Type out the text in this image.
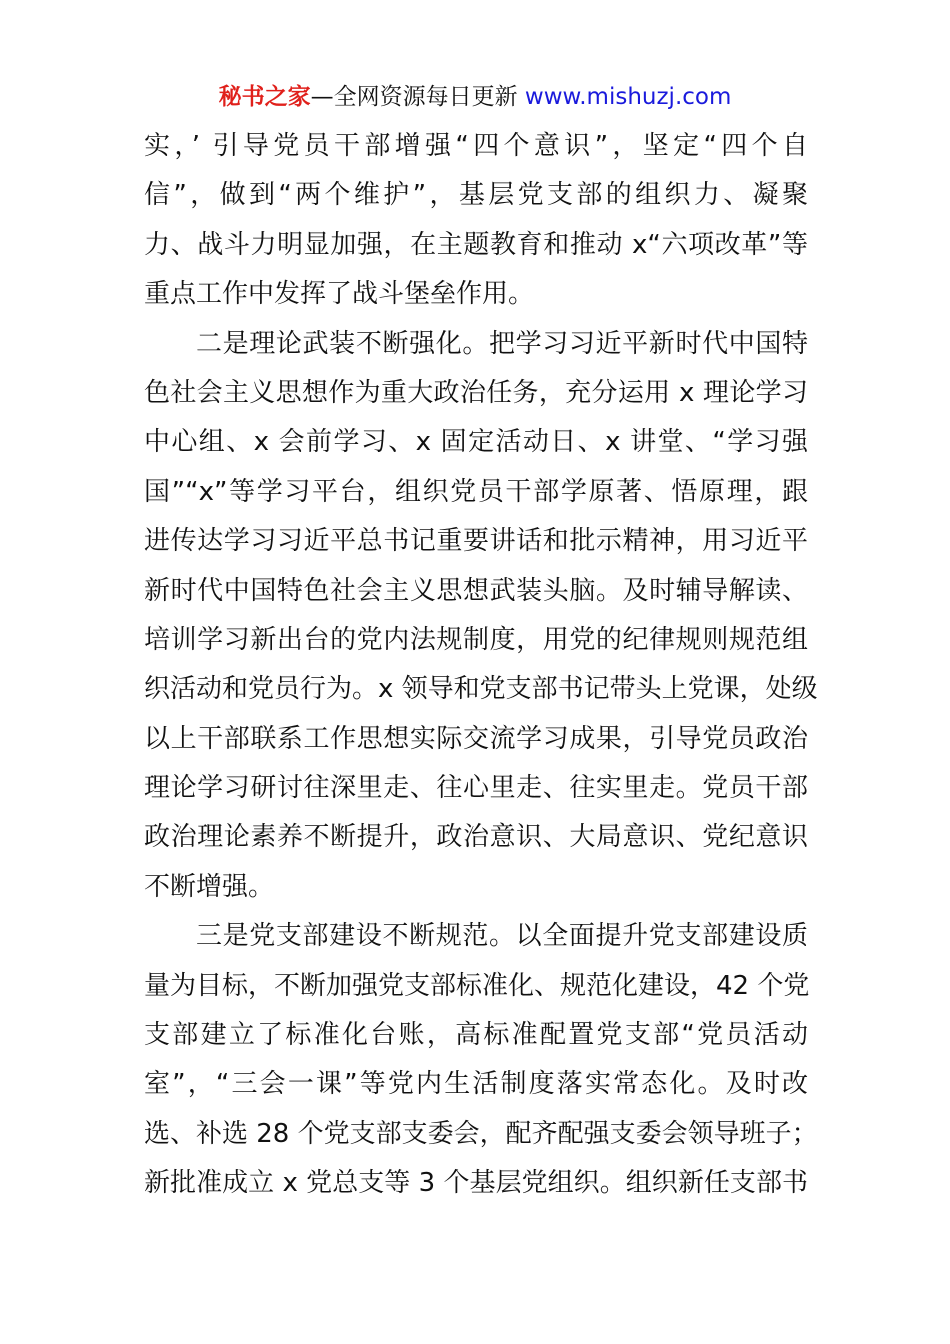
秘书之家—全网资源每日更新 www.mishuzj.com
实，’ 引导党员干部增强“四个意识”，坚定“四个自
信”，做到“两个维护”，基层党支部的组织力、凝聚
力、战斗力明显加强，在主题教育和推动 x“六项改革”等
重点工作中发挥了战斗堡垒作用。
二是理论武装不断强化。把学习习近平新时代中国特
色社会主义思想作为重大政治任务，充分运用 x 理论学习
中心组、x 会前学习、x 固定活动日、x 讲堂、“学习强
国”“x”等学习平台，组织党员干部学原著、悟原理，跟
进传达学习习近平总书记重要讲话和批示精神，用习近平
新时代中国特色社会主义思想武装头脑。及时辅导解读、
培训学习新出台的党内法规制度，用党的纪律规则规范组
织活动和党员行为。x 领导和党支部书记带头上党课，处级
以上干部联系工作思想实际交流学习成果，引导党员政治
理论学习研讨往深里走、往心里走、往实里走。党员干部
政治理论素养不断提升，政治意识、大局意识、党纪意识
不断增强。
三是党支部建设不断规范。以全面提升党支部建设质
量为目标，不断加强党支部标准化、规范化建设，42 个党
支部建立了标准化台账，高标准配置党支部“党员活动
室”，“三会一课”等党内生活制度落实常态化。及时改
选、补选 28 个党支部支委会，配齐配强支委会领导班子；
新批准成立 x 党总支等 3 个基层党组织。组织新任支部书
